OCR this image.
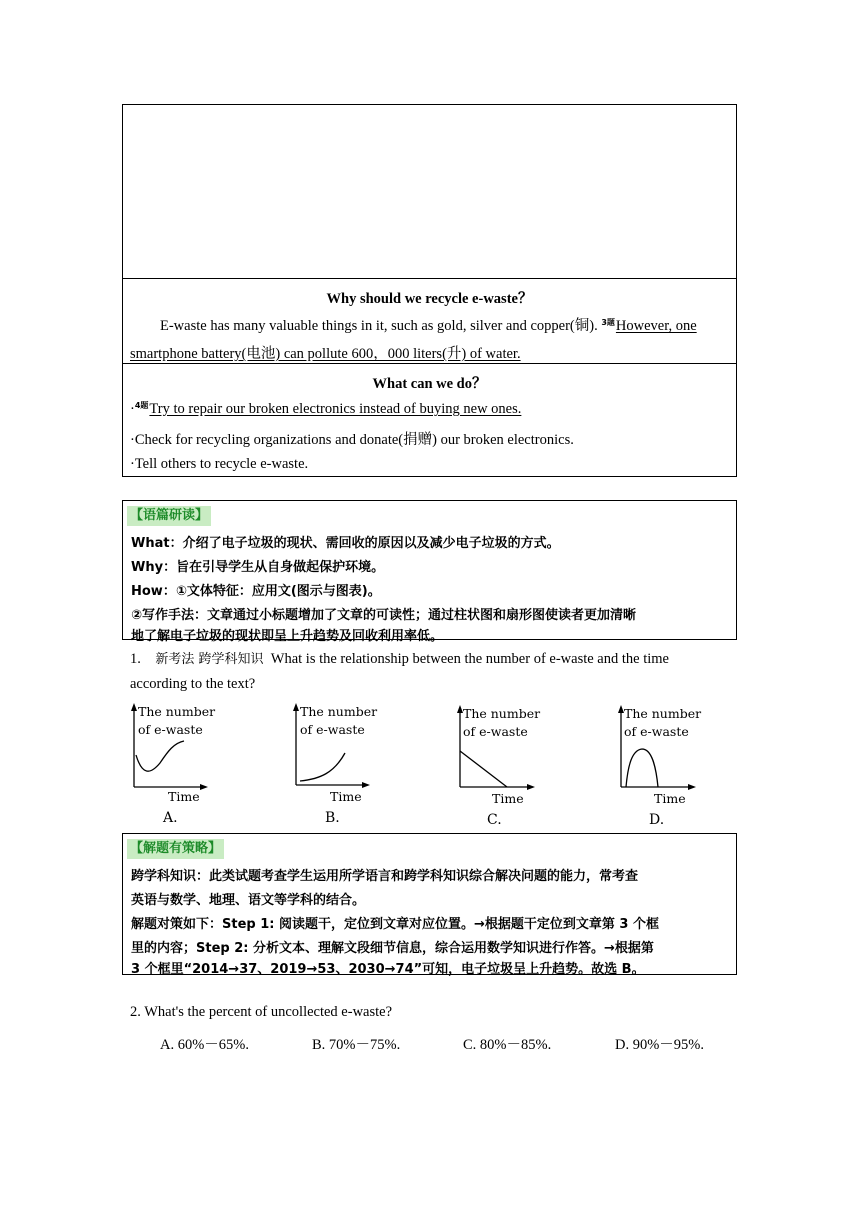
Why should we recycle e-waste？
E-waste has many valuable things in it, such as gold, silver and copper(铜). $^{3题}$However, one
smartphone battery(电池) can pollute 600，000 liters(升) of water.
What can we do？
·$^{4题}$Try to repair our broken electronics instead of buying new ones.
·Check for recycling organizations and donate(捐赠) our broken electronics.
·Tell others to recycle e-waste.
【语篇研读】
What：介绍了电子垃圾的现状、需回收的原因以及减少电子垃圾的方式。
Why：旨在引导学生从自身做起保护环境。
How：①文体特征：应用文(图示与图表)。
②写作手法：文章通过小标题增加了文章的可读性；通过柱状图和扇形图使读者更加清晰
地了解电子垃圾的现状即呈上升趋势及回收利用率低。
1. 新考法 跨学科知识 What is the relationship between the number of e-waste and the time
according to the text?
The number
of e-waste
Time
A.
The number
of e-waste
Time
B.
The number
of e-waste
Time
C.
The number
of e-waste
Time
D.
【解题有策略】
跨学科知识：此类试题考查学生运用所学语言和跨学科知识综合解决问题的能力，常考查
英语与数学、地理、语文等学科的结合。
解题对策如下：Step 1: 阅读题干，定位到文章对应位置。→根据题干定位到文章第 3 个框
里的内容；Step 2: 分析文本、理解文段细节信息，综合运用数学知识进行作答。→根据第
3 个框里“2014→37、2019→53、2030→74”可知，电子垃圾呈上升趋势。故选 B。
2. What's the percent of uncollected e-waste?
A. 60%－65%.	B. 70%－75%.	C. 80%－85%.	D. 90%－95%.
